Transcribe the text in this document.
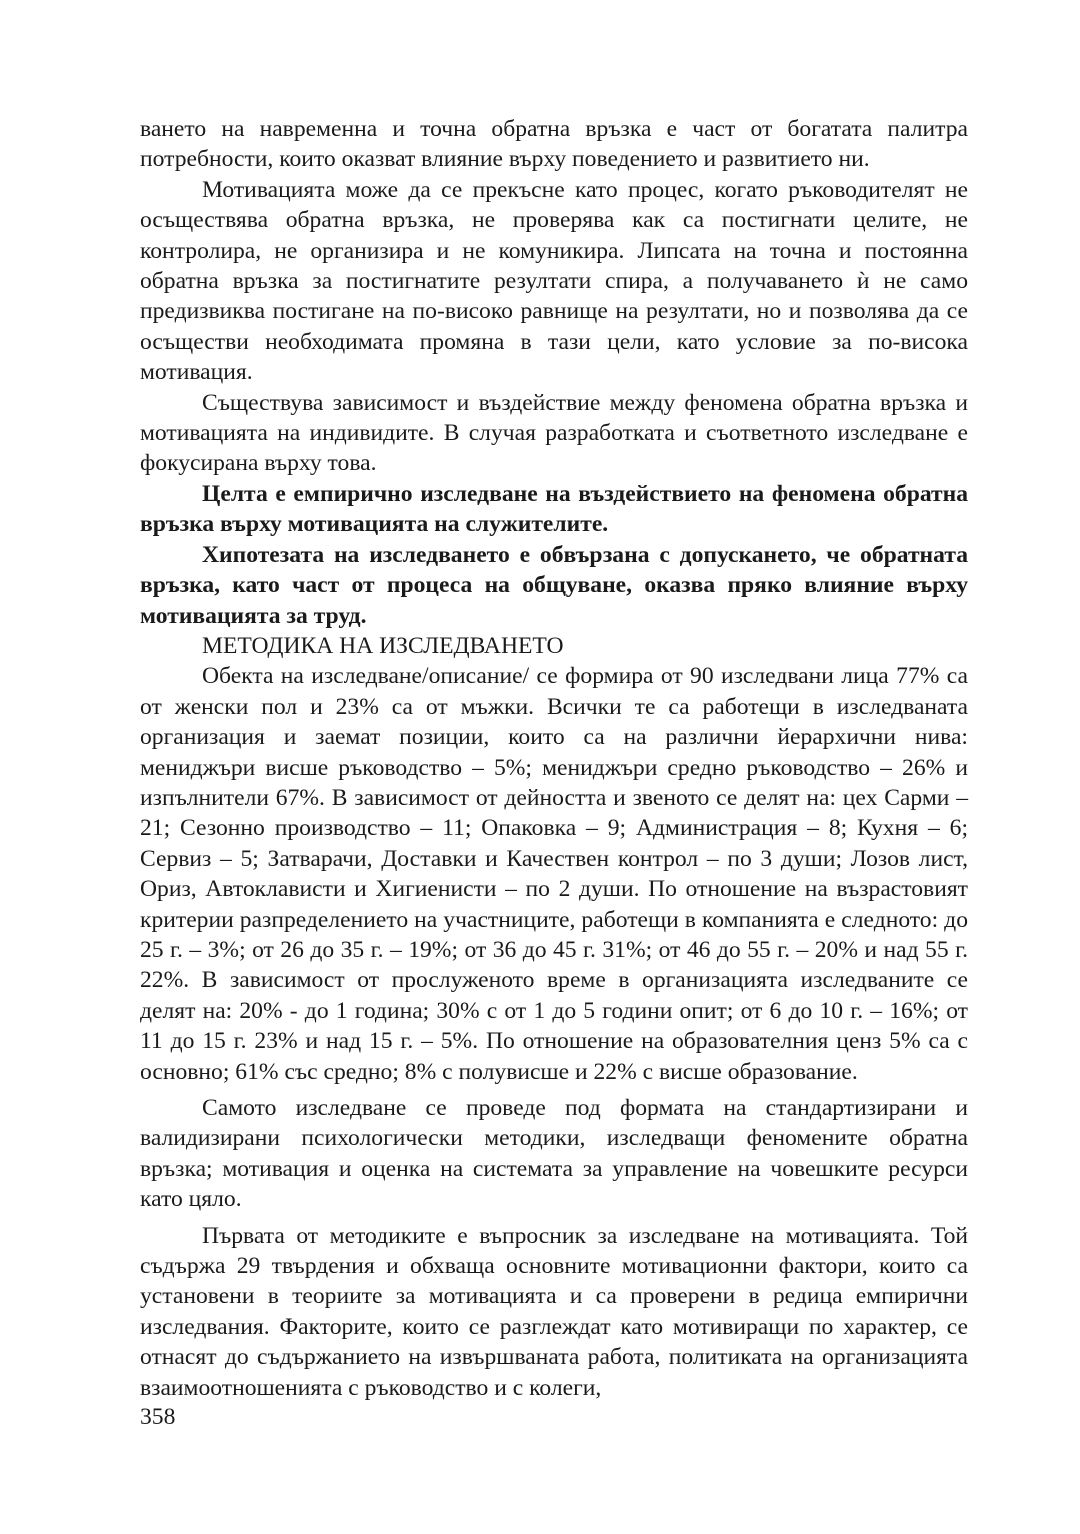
ването на навременна и точна обратна връзка е част от богатата палитра потребности, които оказват влияние върху поведението и развитието ни.

Мотивацията може да се прекъсне като процес, когато ръководителят не осъществява обратна връзка, не проверява как са постигнати целите, не контролира, не организира и не комуникира. Липсата на точна и постоянна обратна връзка за постигнатите резултати спира, а получаването ѝ не само предизвиква постигане на по-високо равнище на резултати, но и позволява да се осъществи необходимата промяна в тази цели, като условие за по-висока мотивация.

Съществува зависимост и въздействие между феномена обратна връзка и мотивацията на индивидите. В случая разработката и съответното изследване е фокусирана върху това.

Целта е емпирично изследване на въздействието на феномена обратна връзка върху мотивацията на служителите.

Хипотезата на изследването е обвързана с допускането, че обратната връзка, като част от процеса на общуване, оказва пряко влияние върху мотивацията за труд.

МЕТОДИКА НА ИЗСЛЕДВАНЕТО

Обекта на изследване/описание/ се формира от 90 изследвани лица 77% са от женски пол и 23% са от мъжки. Всички те са работещи в изследваната организация и заемат позиции, които са на различни йерархични нива: мениджъри висше ръководство – 5%; мениджъри средно ръководство – 26% и изпълнители 67%. В зависимост от дейността и звеното се делят на: цех Сарми – 21; Сезонно производство – 11; Опаковка – 9; Администрация – 8; Кухня – 6; Сервиз – 5; Затварачи, Доставки и Качествен контрол – по 3 души; Лозов лист, Ориз, Автоклависти и Хигиенисти – по 2 души. По отношение на възрастовият критерии разпределението на участниците, работещи в компанията е следното: до 25 г. – 3%; от 26 до 35 г. – 19%; от 36 до 45 г. 31%; от 46 до 55 г. – 20% и над 55 г. 22%. В зависимост от прослуженото време в организацията изследваните се делят на: 20% - до 1 година; 30% с от 1 до 5 години опит; от 6 до 10 г. – 16%; от 11 до 15 г. 23% и над 15 г. – 5%. По отношение на образователния ценз 5% са с основно; 61% със средно; 8% с полувисше и 22% с висше образование.

Самото изследване се проведе под формата на стандартизирани и валидизирани психологически методики, изследващи феномените обратна връзка; мотивация и оценка на системата за управление на човешките ресурси като цяло.

Първата от методиките е въпросник за изследване на мотивацията. Той съдържа 29 твърдения и обхваща основните мотивационни фактори, които са установени в теориите за мотивацията и са проверени в редица емпирични изследвания. Факторите, които се разглеждат като мотивиращи по характер, се отнасят до съдържанието на извършваната работа, политиката на организацията взаимоотношенията с ръководство и с колеги,

358
